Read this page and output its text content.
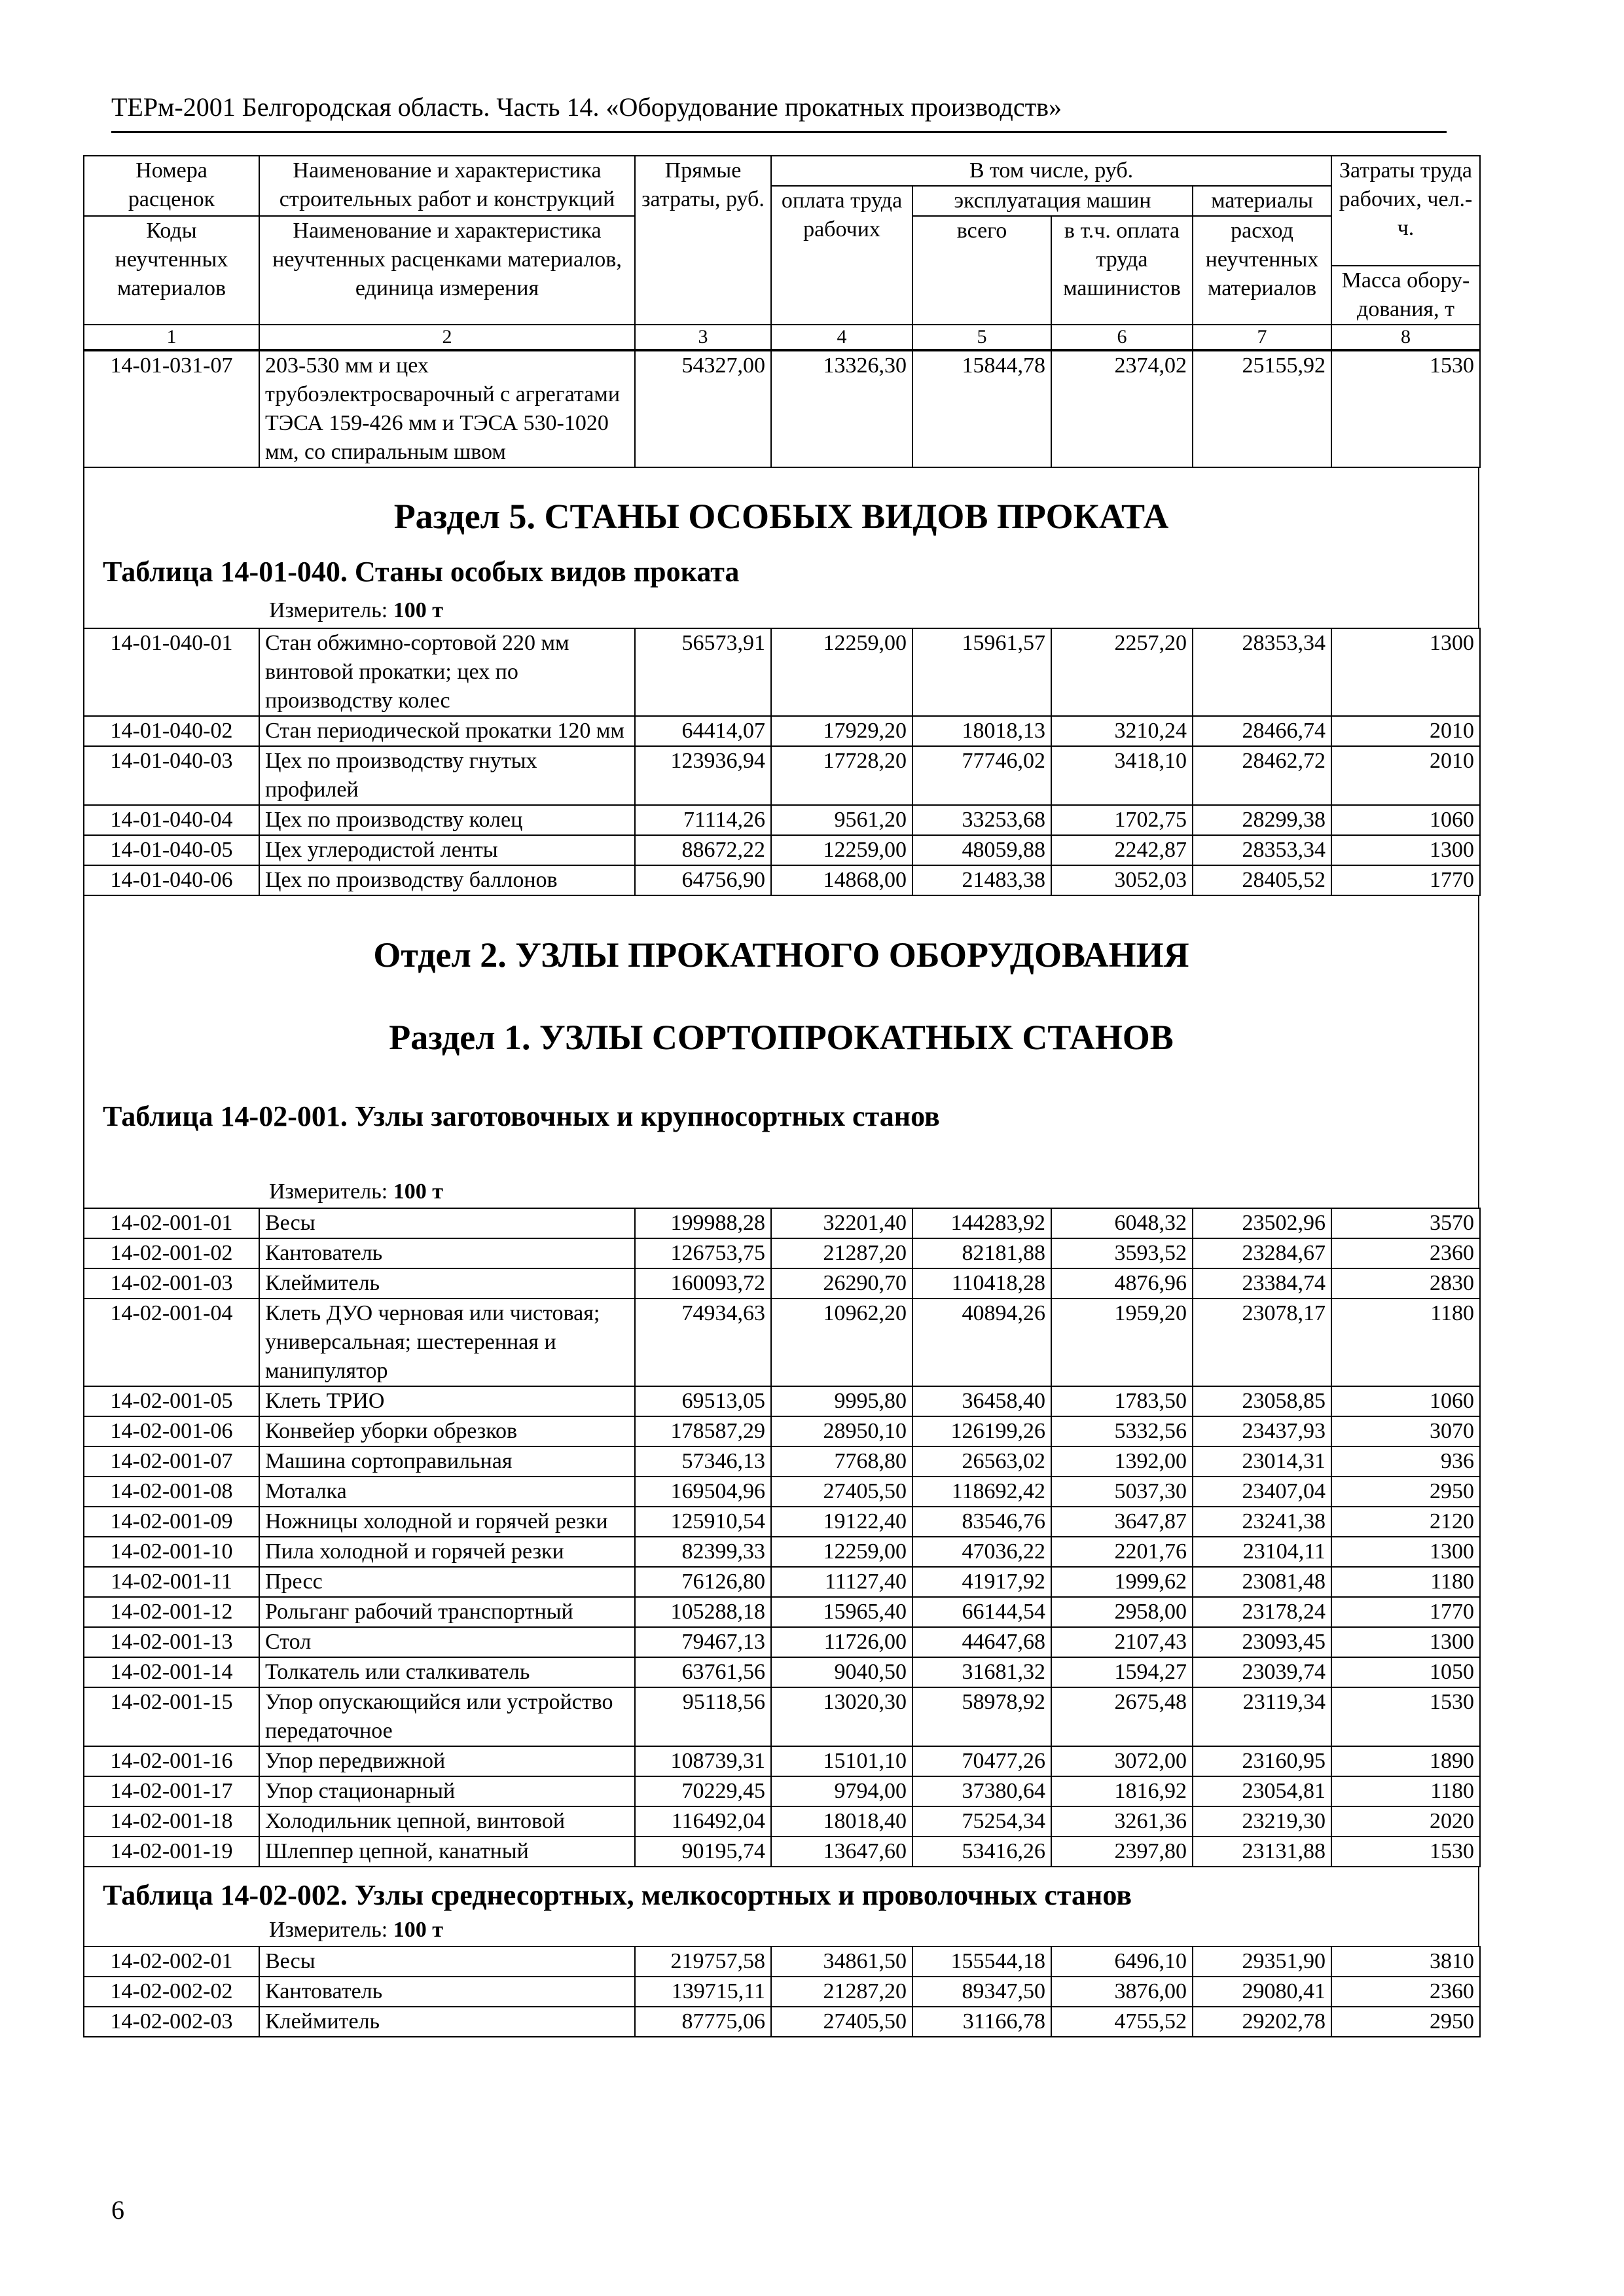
ТЕРм-2001 Белгородская область. Часть 14. «Оборудование прокатных производств»
Номера расценок	Наименование и характеристика строительных работ и конструкций	Прямые затраты, руб.	В том числе, руб.				Затраты труда рабочих, чел.-ч.
			оплата труда рабочих	эксплуатация машин		материалы	
Коды неучтенных материалов	Наименование и характеристика неучтенных расценками материалов, единица измерения			всего	в т.ч. оплата труда машинистов	расход неучтенных материалов	
							Масса обору-дования, т
1	2	3	4	5	6	7	8
14-01-031-07	203-530 мм и цех трубоэлектросварочный с агрегатами ТЭСА 159-426 мм и ТЭСА 530-1020 мм, со спиральным швом	54327,00	13326,30	15844,78	2374,02	25155,92	1530
Раздел 5. СТАНЫ ОСОБЫХ ВИДОВ ПРОКАТА
Таблица 14-01-040. Станы особых видов проката
Измеритель: 100 т
14-01-040-01	Стан обжимно-сортовой 220 мм винтовой прокатки; цех по производству колес	56573,91	12259,00	15961,57	2257,20	28353,34	1300
14-01-040-02	Стан периодической прокатки 120 мм	64414,07	17929,20	18018,13	3210,24	28466,74	2010
14-01-040-03	Цех по производству гнутых профилей	123936,94	17728,20	77746,02	3418,10	28462,72	2010
14-01-040-04	Цех по производству колец	71114,26	9561,20	33253,68	1702,75	28299,38	1060
14-01-040-05	Цех углеродистой ленты	88672,22	12259,00	48059,88	2242,87	28353,34	1300
14-01-040-06	Цех по производству баллонов	64756,90	14868,00	21483,38	3052,03	28405,52	1770
Отдел 2. УЗЛЫ ПРОКАТНОГО ОБОРУДОВАНИЯ
Раздел 1. УЗЛЫ СОРТОПРОКАТНЫХ СТАНОВ
Таблица 14-02-001. Узлы заготовочных и крупносортных станов
Измеритель: 100 т
14-02-001-01	Весы	199988,28	32201,40	144283,92	6048,32	23502,96	3570
14-02-001-02	Кантователь	126753,75	21287,20	82181,88	3593,52	23284,67	2360
14-02-001-03	Клеймитель	160093,72	26290,70	110418,28	4876,96	23384,74	2830
14-02-001-04	Клеть ДУО черновая или чистовая; универсальная; шестеренная и манипулятор	74934,63	10962,20	40894,26	1959,20	23078,17	1180
14-02-001-05	Клеть ТРИО	69513,05	9995,80	36458,40	1783,50	23058,85	1060
14-02-001-06	Конвейер уборки обрезков	178587,29	28950,10	126199,26	5332,56	23437,93	3070
14-02-001-07	Машина сортоправильная	57346,13	7768,80	26563,02	1392,00	23014,31	936
14-02-001-08	Моталка	169504,96	27405,50	118692,42	5037,30	23407,04	2950
14-02-001-09	Ножницы холодной и горячей резки	125910,54	19122,40	83546,76	3647,87	23241,38	2120
14-02-001-10	Пила холодной и горячей резки	82399,33	12259,00	47036,22	2201,76	23104,11	1300
14-02-001-11	Пресс	76126,80	11127,40	41917,92	1999,62	23081,48	1180
14-02-001-12	Рольганг рабочий транспортный	105288,18	15965,40	66144,54	2958,00	23178,24	1770
14-02-001-13	Стол	79467,13	11726,00	44647,68	2107,43	23093,45	1300
14-02-001-14	Толкатель или сталкиватель	63761,56	9040,50	31681,32	1594,27	23039,74	1050
14-02-001-15	Упор опускающийся или устройство передаточное	95118,56	13020,30	58978,92	2675,48	23119,34	1530
14-02-001-16	Упор передвижной	108739,31	15101,10	70477,26	3072,00	23160,95	1890
14-02-001-17	Упор стационарный	70229,45	9794,00	37380,64	1816,92	23054,81	1180
14-02-001-18	Холодильник цепной, винтовой	116492,04	18018,40	75254,34	3261,36	23219,30	2020
14-02-001-19	Шлеппер цепной, канатный	90195,74	13647,60	53416,26	2397,80	23131,88	1530
Таблица 14-02-002. Узлы среднесортных, мелкосортных и проволочных станов
Измеритель: 100 т
14-02-002-01	Весы	219757,58	34861,50	155544,18	6496,10	29351,90	3810
14-02-002-02	Кантователь	139715,11	21287,20	89347,50	3876,00	29080,41	2360
14-02-002-03	Клеймитель	87775,06	27405,50	31166,78	4755,52	29202,78	2950
6
